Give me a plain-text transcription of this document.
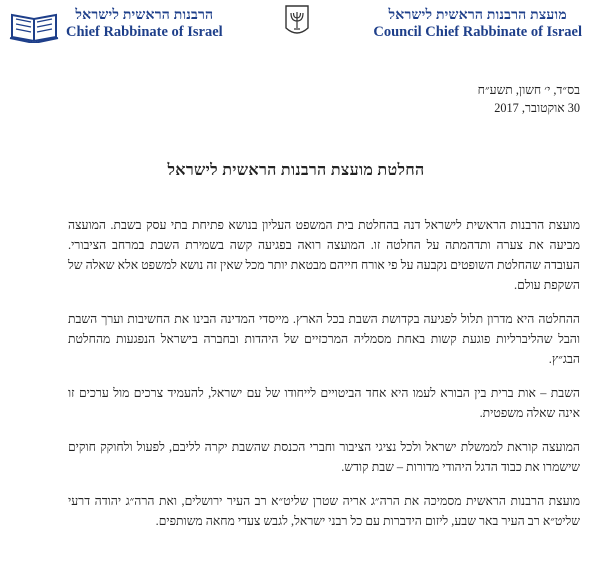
הרבנות הראשית לישראל
Chief Rabbinate of Israel
מועצת הרבנות הראשית לישראל
Council Chief Rabbinate of Israel
בס״ד, י׳ חשון, תשע״ח
30 אוקטובר, 2017
החלטת מועצת הרבנות הראשית לישראל

מועצת הרבנות הראשית לישראל דנה בהחלטת בית המשפט העליון בנושא פתיחת בתי עסק בשבת. המועצה מביעה את צערה ותדהמתה על החלטה זו. המועצה רואה בפגיעה קשה בשמירת השבת במרחב הציבורי. העובדה שהחלטת השופטים נקבעה על פי אורח חייהם מבטאת יותר מכל שאין זה נושא למשפט אלא שאלה של השקפת עולם.

ההחלטה היא מדרון תלול לפגיעה בקדושת השבת בכל הארץ. מייסדי המדינה הבינו את החשיבות וערך השבת והבל שהליברליות פוגעת קשות באחת מסמליה המרכזיים של היהדות ובחברה בישראל הנפגעות מהחלטת הבג״ץ.

השבת – אות ברית בין הבורא לעמו היא אחד הביטויים לייחודו של עם ישראל, להעמיד צרכים מול ערכים זו אינה שאלה משפטית.

המועצה קוראת לממשלת ישראל ולכל נציגי הציבור וחברי הכנסת שהשבת יקרה לליבם, לפעול ולחוקק חוקים שישמרו את כבוד הדגל היהודי מדורות – שבת קודש.

מועצת הרבנות הראשית מסמיכה את הרה״ג אריה שטרן שליט״א רב העיר ירושלים, ואת הרה״ג יהודה דרעי שליט״א רב העיר באר שבע, ליזום הידברות עם כל רבני ישראל, לגבש צעדי מחאה משותפים.
